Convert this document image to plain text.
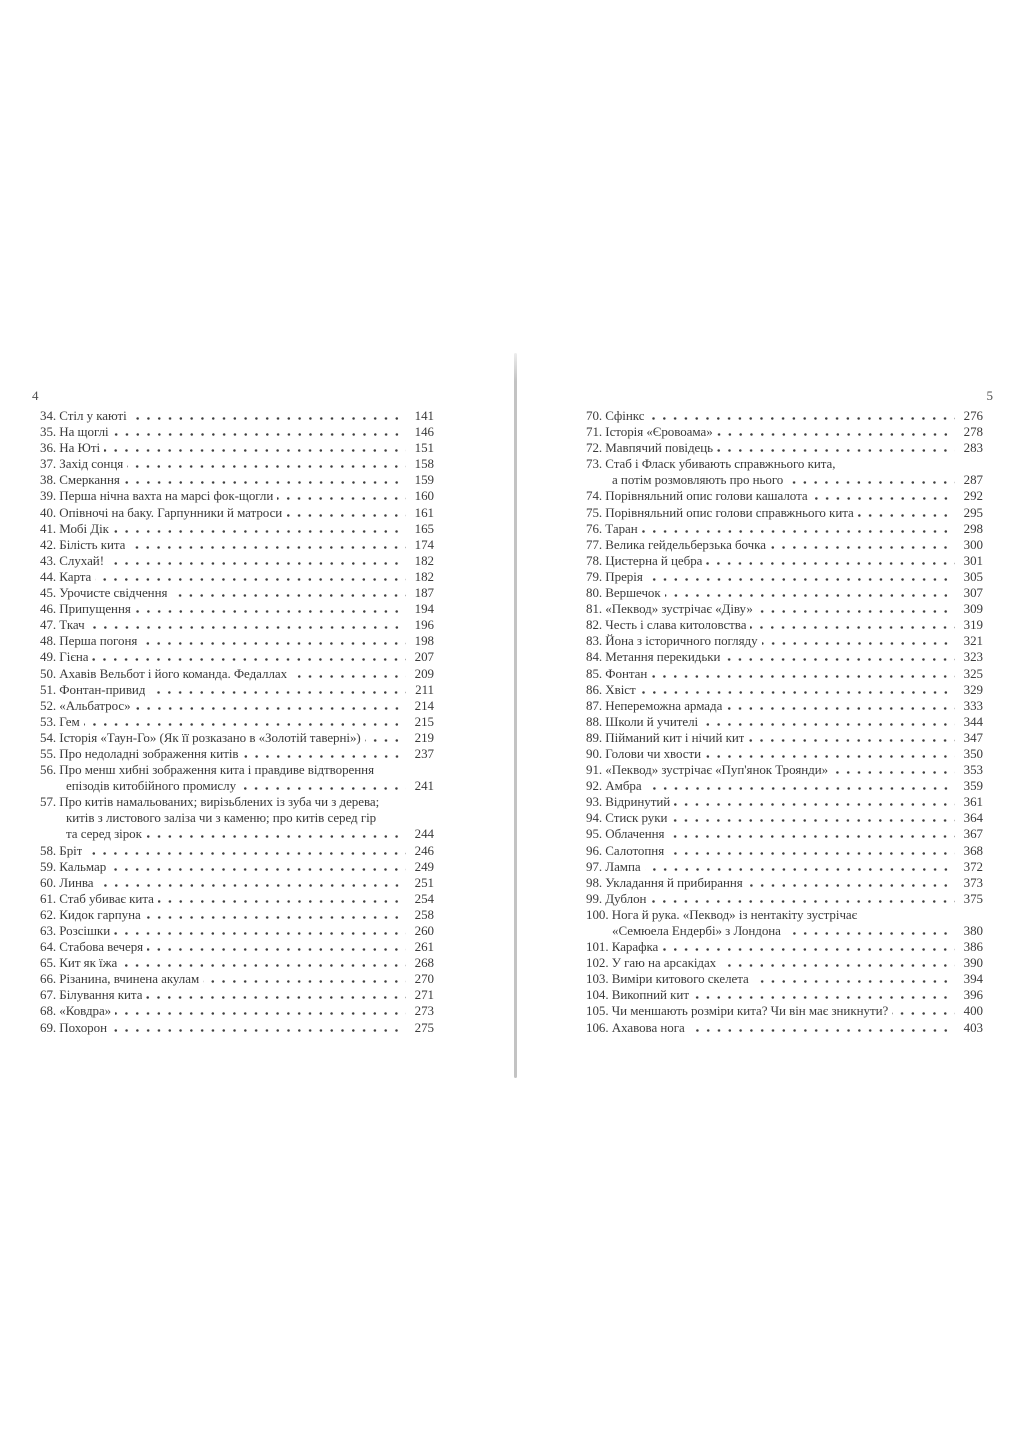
4	5
34. Стіл у каюті	141
35. На щоглі	146
36. На Юті	151
37. Захід сонця	158
38. Смеркання	159
39. Перша нічна вахта на марсі фок-щогли	160
40. Опівночі на баку. Гарпунники й матроси	161
41. Мобі Дік	165
42. Білість кита	174
43. Слухай!	182
44. Карта	182
45. Урочисте свідчення	187
46. Припущення	194
47. Ткач	196
48. Перша погоня	198
49. Гієна	207
50. Ахавів Вельбот і його команда. Федаллах	209
51. Фонтан-привид	211
52. «Альбатрос»	214
53. Гем	215
54. Історія «Таун-Го» (Як її розказано в «Золотій таверні»)	219
55. Про недоладні зображення китів	237
56. Про менш хибні зображення кита і правдиве відтворення
епізодів китобійного промислу	241
57. Про китів намальованих; вирізьблених із зуба чи з дерева;
китів з листового заліза чи з каменю; про китів серед гір
та серед зірок	244
58. Бріт	246
59. Кальмар	249
60. Линва	251
61. Стаб убиває кита	254
62. Кидок гарпуна	258
63. Розсішки	260
64. Стабова вечеря	261
65. Кит як їжа	268
66. Різанина, вчинена акулам	270
67. Білування кита	271
68. «Ковдра»	273
69. Похорон	275
70. Сфінкс	276
71. Історія «Єровоама»	278
72. Мавпячий повідець	283
73. Стаб і Фласк убивають справжнього кита,
а потім розмовляють про нього	287
74. Порівняльний опис голови кашалота	292
75. Порівняльний опис голови справжнього кита	295
76. Таран	298
77. Велика гейдельберзька бочка	300
78. Цистерна й цебра	301
79. Прерія	305
80. Вершечок	307
81. «Пеквод» зустрічає «Діву»	309
82. Честь і слава китоловства	319
83. Йона з історичного погляду	321
84. Метання перекидьки	323
85. Фонтан	325
86. Хвіст	329
87. Непереможна армада	333
88. Школи й учителі	344
89. Пійманий кит і нічий кит	347
90. Голови чи хвости	350
91. «Пеквод» зустрічає «Пуп'янок Троянди»	353
92. Амбра	359
93. Відринутий	361
94. Стиск руки	364
95. Облачення	367
96. Салотопня	368
97. Лампа	372
98. Укладання й прибирання	373
99. Дублон	375
100. Нога й рука. «Пеквод» із нентакіту зустрічає
«Семюела Ендербі» з Лондона	380
101. Карафка	386
102. У гаю на арсакідах	390
103. Виміри китового скелета	394
104. Викопний кит	396
105. Чи меншають розміри кита? Чи він має зникнути?	400
106. Ахавова нога	403
